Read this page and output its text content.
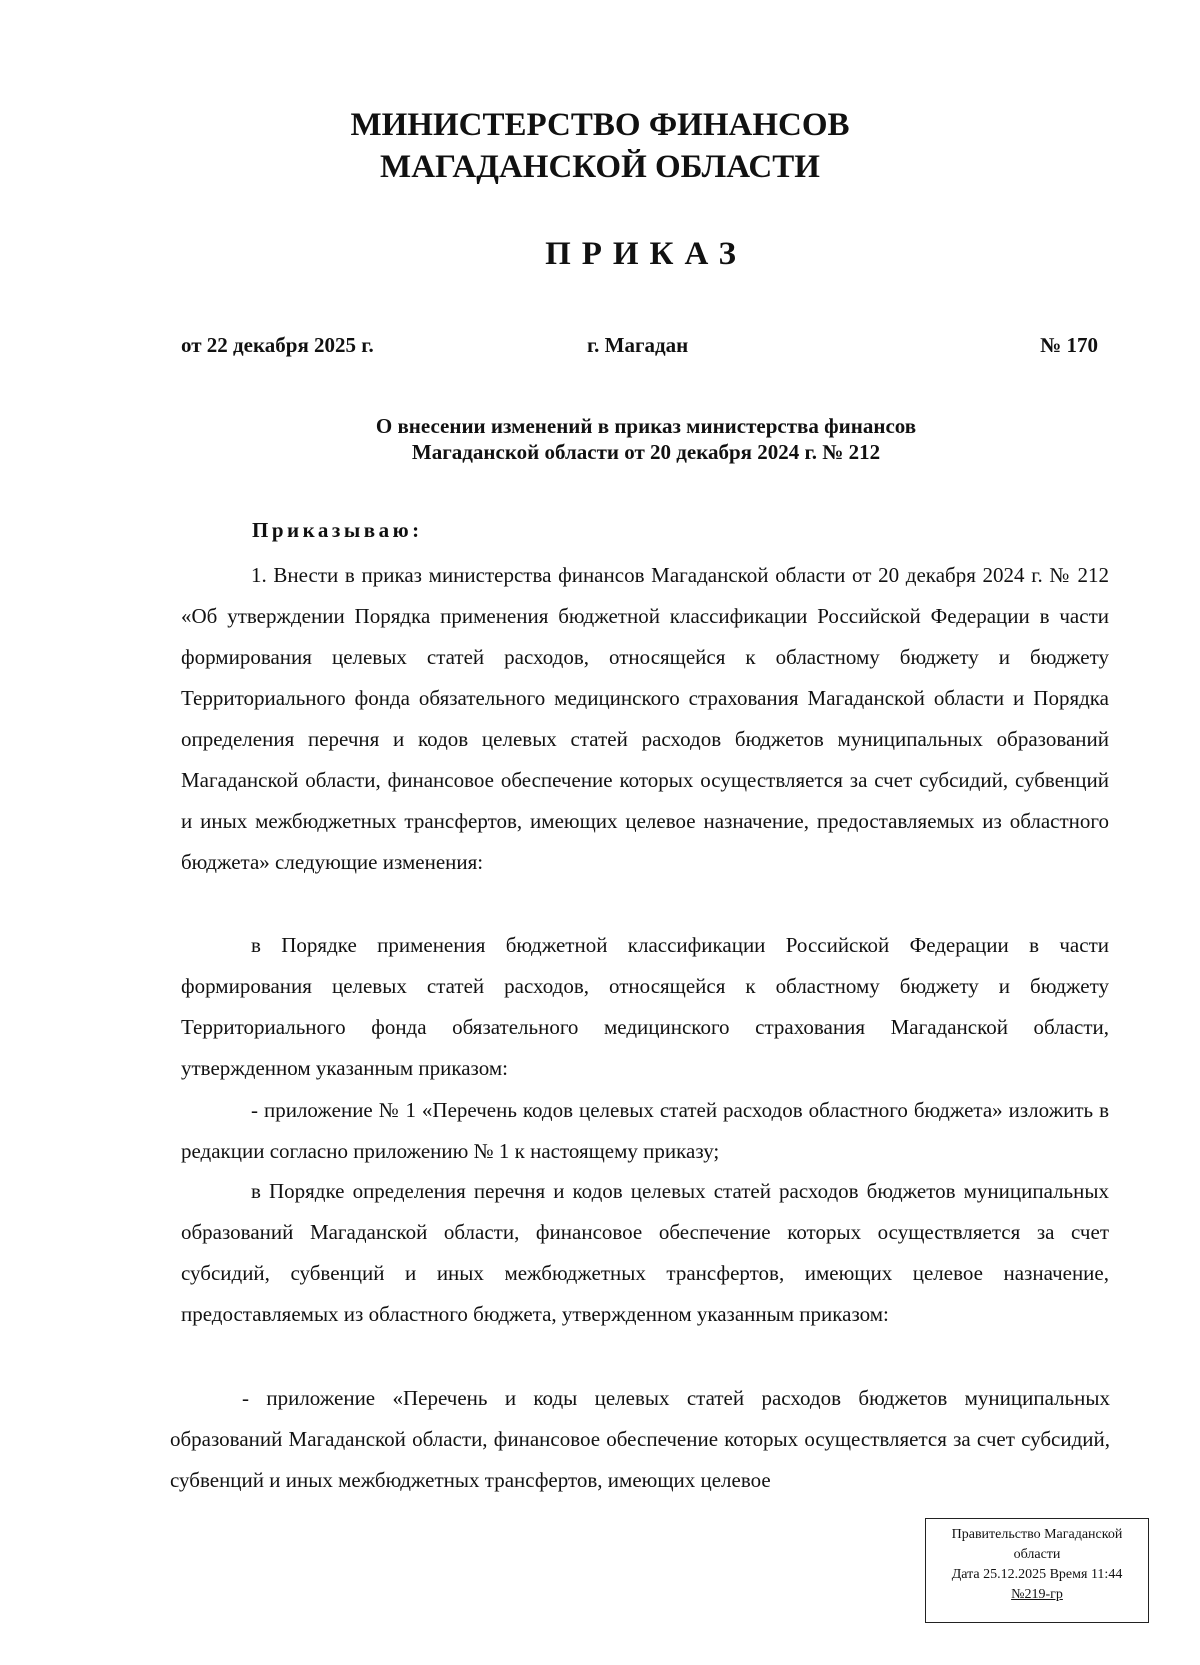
МИНИСТЕРСТВО ФИНАНСОВ
МАГАДАНСКОЙ ОБЛАСТИ
ПРИКАЗ
от 22 декабря 2025 г.	г. Магадан	№ 170
О внесении изменений в приказ министерства финансов
Магаданской области от 20 декабря 2024 г. № 212
Приказываю:

1. Внести в приказ министерства финансов Магаданской области от 20 декабря 2024 г. № 212 «Об утверждении Порядка применения бюджетной классификации Российской Федерации в части формирования целевых статей расходов, относящейся к областному бюджету и бюджету Территориального фонда обязательного медицинского страхования Магаданской области и Порядка определения перечня и кодов целевых статей расходов бюджетов муниципальных образований Магаданской области, финансовое обеспечение которых осуществляется за счет субсидий, субвенций и иных межбюджетных трансфертов, имеющих целевое назначение, предоставляемых из областного бюджета» следующие изменения:

в Порядке применения бюджетной классификации Российской Федерации в части формирования целевых статей расходов, относящейся к областному бюджету и бюджету Территориального фонда обязательного медицинского страхования Магаданской области, утвержденном указанным приказом:

- приложение № 1 «Перечень кодов целевых статей расходов областного бюджета» изложить в редакции согласно приложению № 1 к настоящему приказу;

в Порядке определения перечня и кодов целевых статей расходов бюджетов муниципальных образований Магаданской области, финансовое обеспечение которых осуществляется за счет субсидий, субвенций и иных межбюджетных трансфертов, имеющих целевое назначение, предоставляемых из областного бюджета, утвержденном указанным приказом:

- приложение «Перечень и коды целевых статей расходов бюджетов муниципальных образований Магаданской области, финансовое обеспечение которых осуществляется за счет субсидий, субвенций и иных межбюджетных трансфертов, имеющих целевое

Правительство Магаданской
области
Дата 25.12.2025 Время 11:44
№219-гр
